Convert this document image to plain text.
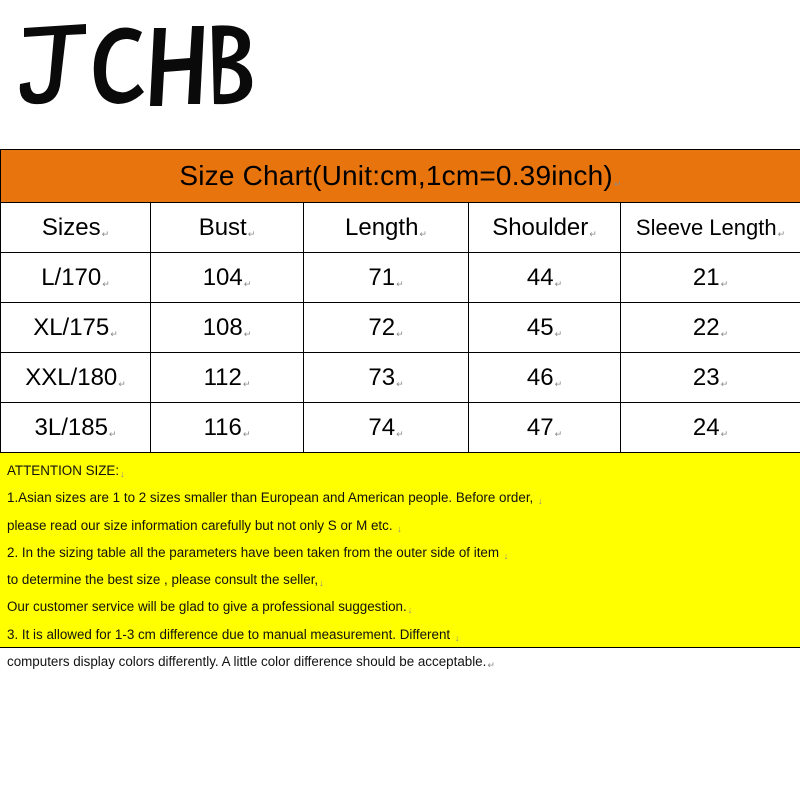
Size Chart(Unit:cm,1cm=0.39inch)↵				
Sizes↵	Bust↵	Length↵	Shoulder↵	Sleeve Length↵
L/170↵	104↵	71↵	44↵	21↵
XL/175↵	108↵	72↵	45↵	22↵
XXL/180↵	112↵	73↵	46↵	23↵
3L/185↵	116↵	74↵	47↵	24↵
ATTENTION SIZE:↓
1.Asian sizes are 1 to 2 sizes smaller than European and American people. Before order, ↓
please read our size information carefully but not only S or M etc. ↓
2. In the sizing table all the parameters have been taken from the outer side of item ↓
to determine the best size , please consult the seller,↓
Our customer service will be glad to give a professional suggestion.↓
3. It is allowed for 1-3 cm difference due to manual measurement. Different ↓
computers display colors differently. A little color difference should be acceptable.↵
